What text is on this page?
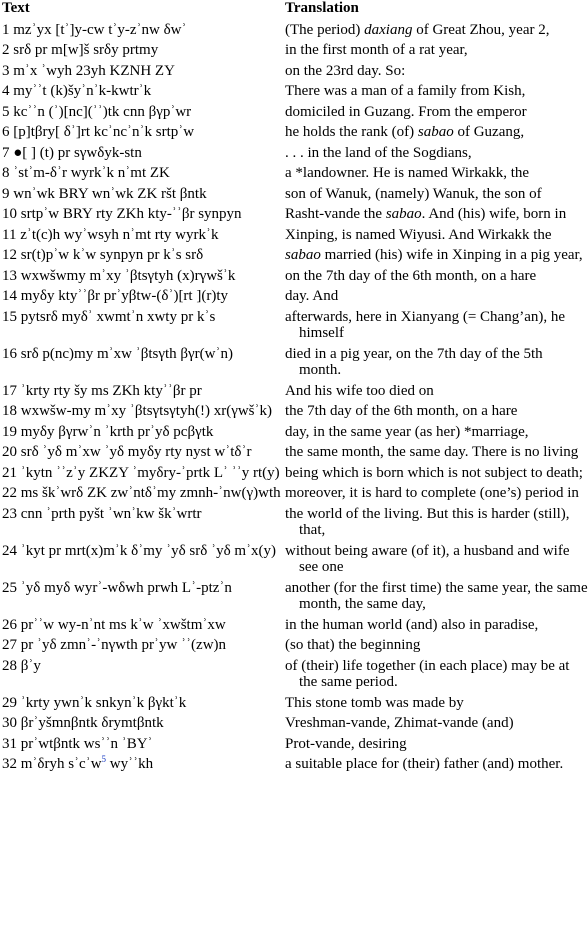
Text	Translation

1 mzʾyx [tʾ]y-cw tʾy-zʾnw δwʾ	(The period) daxiang of Great Zhou, year 2,

2 srδ pr m[w]š srδy prtmy	in the first month of a rat year,

3 mʾx ʾwyh 23yh KZNH ZY	on the 23rd day. So:

4 myʾʾt (k)šyʾnʾk-kwtrʾk	There was a man of a family from Kish,

5 kcʾʾn (ʾ)[nc](ʾʾ)tk cnn βγpʾwr	domiciled in Guzang. From the emperor

6 [p]tβry[ δʾ]rt kcʾncʾnʾk srtpʾw	he holds the rank (of) sabao of Guzang,

7 ●[ ] (t) pr sγwδyk-stn	. . . in the land of the Sogdians,

8 ʾstʾm-δʾr wyrkʾk nʾmt ZK	a *landowner. He is named Wirkakk, the

9 wnʾwk BRY wnʾwk ZK ršt βntk	son of Wanuk, (namely) Wanuk, the son of

10 srtpʾw BRY rty ZKh kty-ʾʾβr synpyn	Rasht-vande the sabao. And (his) wife, born in

11 zʾt(c)h wyʾwsyh nʾmt rty wyrkʾk	Xinping, is named Wiyusi. And Wirkakk the

12 sr(t)pʾw kʾw synpyn pr kʾs srδ	sabao married (his) wife in Xinping in a pig year,

13 wxwšwmy mʾxy ʾβtsγtyh (x)rγwšʾk	on the 7th day of the 6th month, on a hare

14 myδy ktyʾʾβr prʾyβtw-(δʾ)[rt ](r)ty	day. And

15 pytsrδ myδʾ xwmtʾn xwty pr kʾs	afterwards, here in Xianyang (= Chang’an), he himself

16 srδ p(nc)my mʾxw ʾβtsγth βγr(wʾn)	died in a pig year, on the 7th day of the 5th month.

17 ʾkrty rty šy ms ZKh ktyʾʾβr pr	And his wife too died on

18 wxwšw-my mʾxy ʾβtsγtsγtyh(!) xr(γwšʾk)	the 7th day of the 6th month, on a hare

19 myδy βγrwʾn ʾkrth prʾyδ pcβγtk	day, in the same year (as her) *marriage,

20 srδ ʾyδ mʾxw ʾyδ myδy rty nyst wʾtδʾr	the same month, the same day. There is no living

21 ʾkytn ʾʾzʾy ZKZY ʾmyδry-ʾprtk Lʾ ʾʾy rt(y)	being which is born which is not subject to death;

22 ms škʾwrδ ZK zwʾntδʾmy zmnh-ʾnw(γ)wth	moreover, it is hard to complete (one’s) period in

23 cnn ʾprth pyšt ʾwnʾkw škʾwrtr	the world of the living. But this is harder (still), that,

24 ʾkyt pr mrt(x)mʾk δʾmy ʾyδ srδ ʾyδ mʾx(y)	without being aware (of it), a husband and wife see one

25 ʾyδ myδ wyrʾ-wδwh prwh Lʾ-ptzʾn	another (for the first time) the same year, the same month, the same day,

26 prʾʾw wy-nʾnt ms kʾw ʾxwštmʾxw	in the human world (and) also in paradise,

27 pr ʾyδ zmnʾ-ʾnγwth prʾyw ʾʾ(zw)n	(so that) the beginning

28 βʾy	of (their) life together (in each place) may be at the same period.

29 ʾkrty ywnʾk snkynʾk βγktʾk	This stone tomb was made by

30 βrʾyšmnβntk δrymtβntk	Vreshman-vande, Zhimat-vande (and)

31 prʾwtβntk wsʾʾn ʾBYʾ	Prot-vande, desiring

32 mʾδryh sʾcʾw$^5$ wyʾʾkh	a suitable place for (their) father (and) mother.
